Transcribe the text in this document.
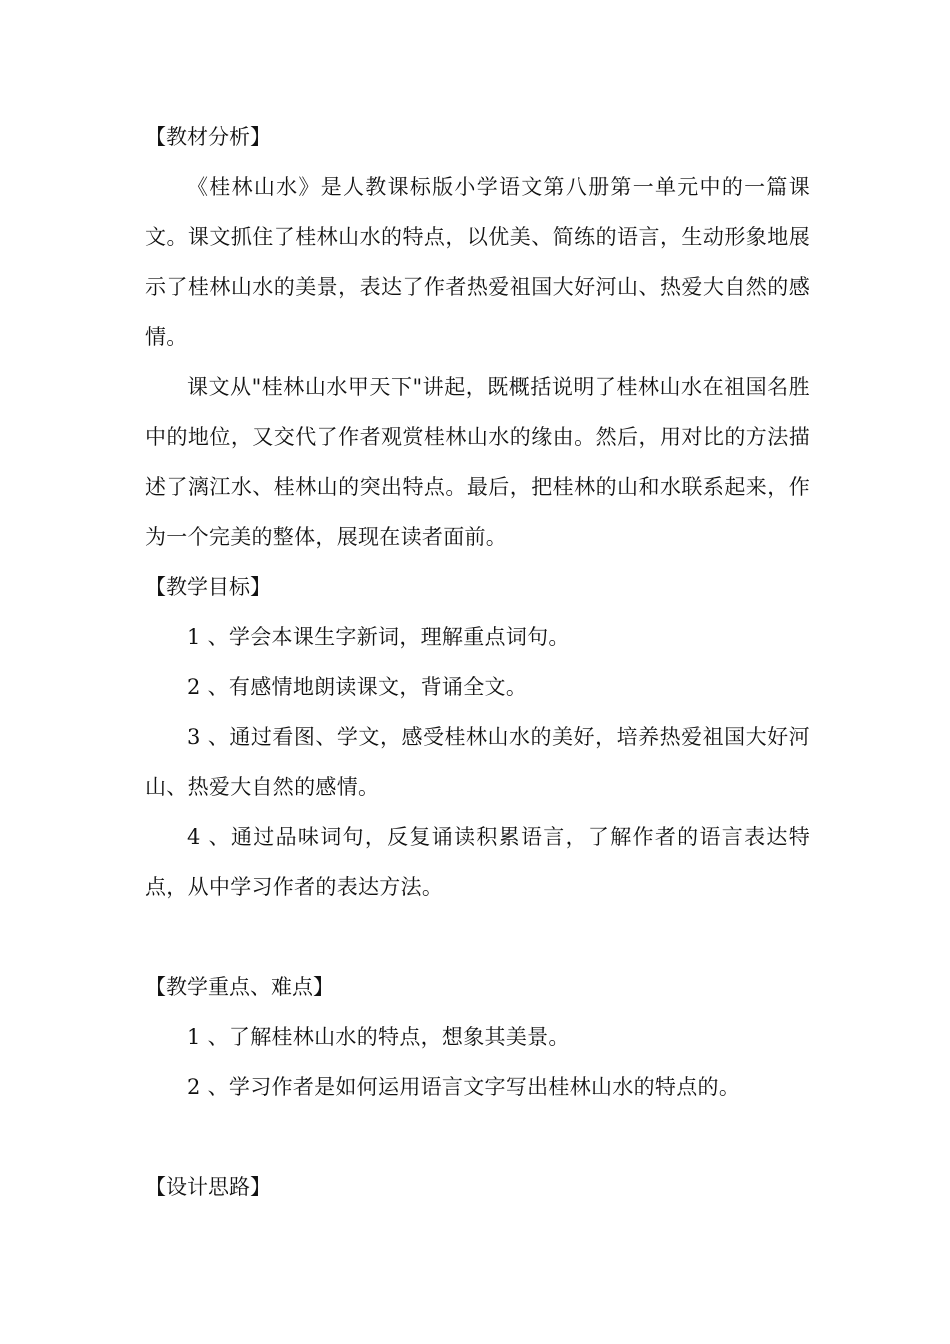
【教材分析】
《桂林山水》是人教课标版小学语文第八册第一单元中的一篇课文。课文抓住了桂林山水的特点，以优美、简练的语言，生动形象地展示了桂林山水的美景，表达了作者热爱祖国大好河山、热爱大自然的感情。
课文从"桂林山水甲天下"讲起，既概括说明了桂林山水在祖国名胜中的地位，又交代了作者观赏桂林山水的缘由。然后，用对比的方法描述了漓江水、桂林山的突出特点。最后，把桂林的山和水联系起来，作为一个完美的整体，展现在读者面前。
【教学目标】
1 、学会本课生字新词，理解重点词句。
2 、有感情地朗读课文，背诵全文。
3 、通过看图、学文，感受桂林山水的美好，培养热爱祖国大好河山、热爱大自然的感情。
4 、通过品味词句，反复诵读积累语言，了解作者的语言表达特点，从中学习作者的表达方法。
【教学重点、难点】
1 、了解桂林山水的特点，想象其美景。
2 、学习作者是如何运用语言文字写出桂林山水的特点的。
【设计思路】
